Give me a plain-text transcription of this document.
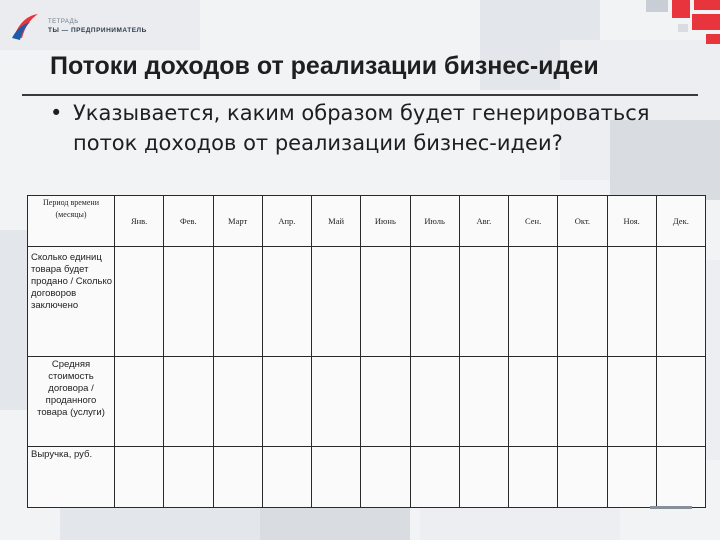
ТЕТРАДЬ
ТЫ — ПРЕДПРИНИМАТЕЛЬ
Потоки доходов от реализации бизнес-идеи
• Указывается, каким образом будет генерироваться поток доходов от реализации бизнес-идеи?
Период времени (месяцы)	Янв.	Фев.	Март	Апр.	Май	Июнь	Июль	Авг.	Сен.	Окт.	Ноя.	Дек.
Сколько единиц товара будет продано / Сколько договоров заключено												
Средняя стоимость договора / проданного товара (услуги)												
Выручка, руб.												
